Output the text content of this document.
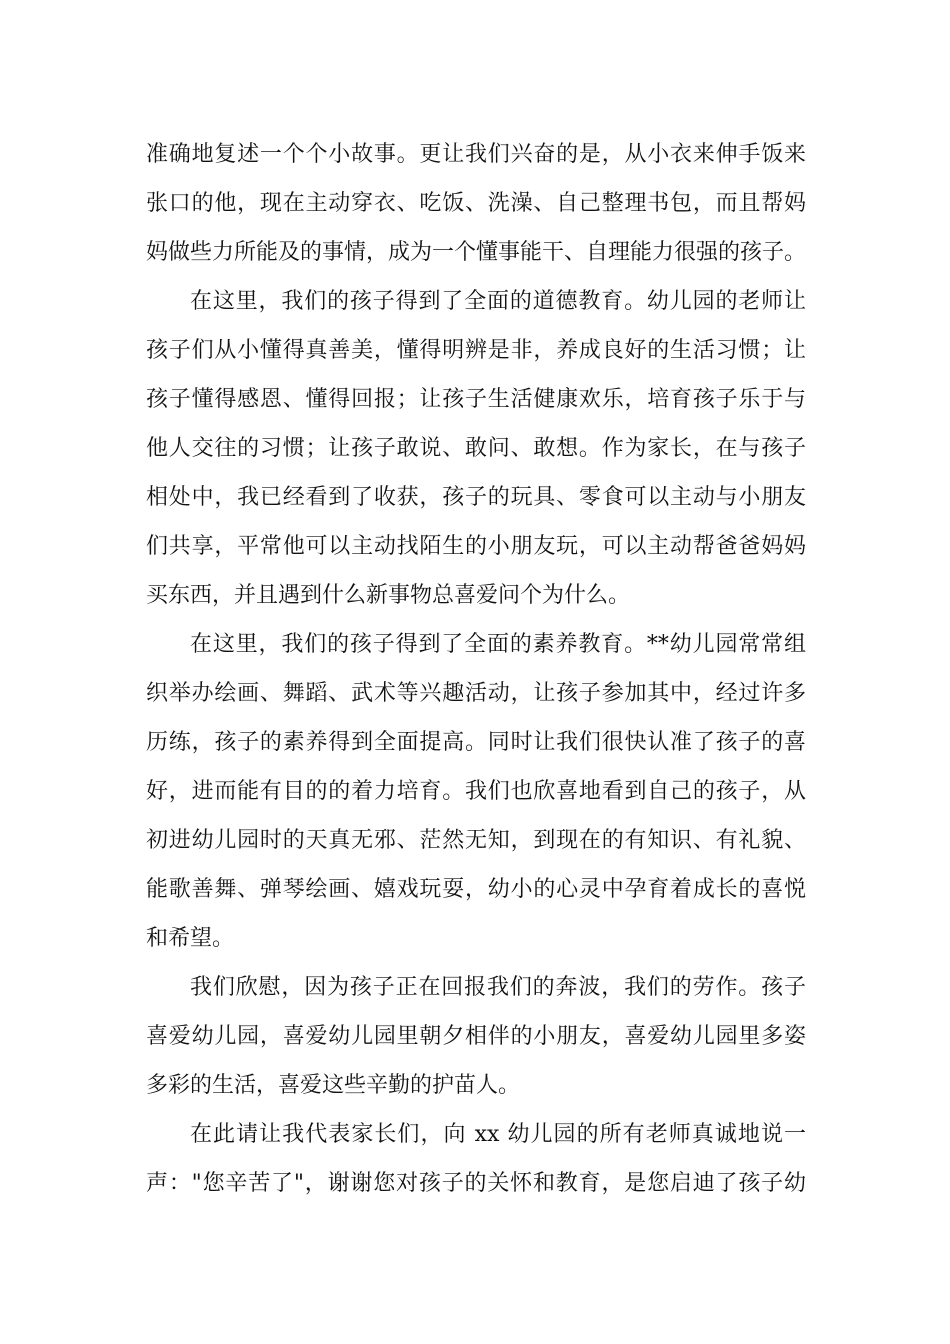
准确地复述一个个小故事。更让我们兴奋的是，从小衣来伸手饭来
张口的他，现在主动穿衣、吃饭、洗澡、自己整理书包，而且帮妈
妈做些力所能及的事情，成为一个懂事能干、自理能力很强的孩子。
在这里，我们的孩子得到了全面的道德教育。幼儿园的老师让
孩子们从小懂得真善美，懂得明辨是非，养成良好的生活习惯；让
孩子懂得感恩、懂得回报；让孩子生活健康欢乐，培育孩子乐于与
他人交往的习惯；让孩子敢说、敢问、敢想。作为家长，在与孩子
相处中，我已经看到了收获，孩子的玩具、零食可以主动与小朋友
们共享，平常他可以主动找陌生的小朋友玩，可以主动帮爸爸妈妈
买东西，并且遇到什么新事物总喜爱问个为什么。
在这里，我们的孩子得到了全面的素养教育。**幼儿园常常组
织举办绘画、舞蹈、武术等兴趣活动，让孩子参加其中，经过许多
历练，孩子的素养得到全面提高。同时让我们很快认准了孩子的喜
好，进而能有目的的着力培育。我们也欣喜地看到自己的孩子，从
初进幼儿园时的天真无邪、茫然无知，到现在的有知识、有礼貌、
能歌善舞、弹琴绘画、嬉戏玩耍，幼小的心灵中孕育着成长的喜悦
和希望。
我们欣慰，因为孩子正在回报我们的奔波，我们的劳作。孩子
喜爱幼儿园，喜爱幼儿园里朝夕相伴的小朋友，喜爱幼儿园里多姿
多彩的生活，喜爱这些辛勤的护苗人。
在此请让我代表家长们，向 xx 幼儿园的所有老师真诚地说一
声："您辛苦了"，谢谢您对孩子的关怀和教育，是您启迪了孩子幼
